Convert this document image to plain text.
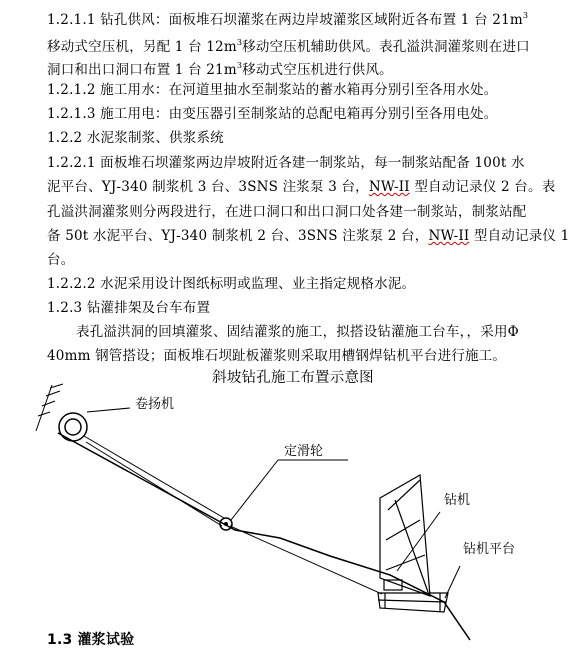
1.2.1.1 钻孔供风：面板堆石坝灌浆在两边岸坡灌浆区域附近各布置 1 台 $21m^3$
移动式空压机，另配 1 台 $12m^3$移动空压机辅助供风。表孔溢洪洞灌浆则在进口
洞口和出口洞口布置 1 台 $21m^3$移动式空压机进行供风。
1.2.1.2 施工用水：在河道里抽水至制浆站的蓄水箱再分别引至各用水处。
1.2.1.3 施工用电：由变压器引至制浆站的总配电箱再分别引至各用电处。
1.2.2 水泥浆制浆、供浆系统
1.2.2.1 面板堆石坝灌浆两边岸坡附近各建一制浆站，每一制浆站配备 100t 水
泥平台、YJ-340 制浆机 3 台、3SNS 注浆泵 3 台，NW-II 型自动记录仪 2 台。表
孔溢洪洞灌浆则分两段进行，在进口洞口和出口洞口处各建一制浆站，制浆站配
备 50t 水泥平台、YJ-340 制浆机 2 台、3SNS 注浆泵 2 台，NW-II 型自动记录仪 1
台。
1.2.2.2 水泥采用设计图纸标明或监理、业主指定规格水泥。
1.2.3 钻灌排架及台车布置
表孔溢洪洞的回填灌浆、固结灌浆的施工，拟搭设钻灌施工台车，，采用Φ
40mm 钢管搭设；面板堆石坝趾板灌浆则采取用槽钢焊钻机平台进行施工。
斜坡钻孔施工布置示意图
卷扬机
定滑轮
钻机
钻机平台
1.3 灌浆试验
